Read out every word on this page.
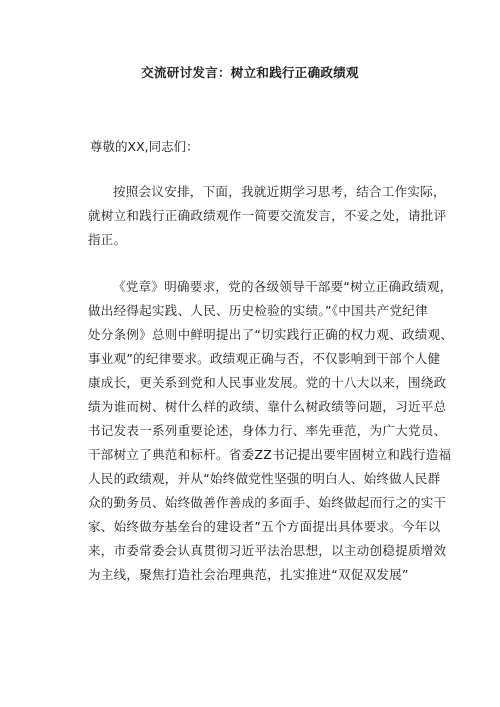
交流研讨发言：树立和践行正确政绩观
尊敬的XX,同志们：
按照会议安排，下面，我就近期学习思考，结合工作实际，
就树立和践行正确政绩观作一简要交流发言，不妥之处，请批评
指正。
《党章》明确要求，党的各级领导干部要“树立正确政绩观，
做出经得起实践、人民、历史检验的实绩。”《中国共产党纪律
处分条例》总则中鲜明提出了“切实践行正确的权力观、政绩观、
事业观”的纪律要求。政绩观正确与否，不仅影响到干部个人健
康成长，更关系到党和人民事业发展。党的十八大以来，围绕政
绩为谁而树、树什么样的政绩、靠什么树政绩等问题，习近平总
书记发表一系列重要论述，身体力行、率先垂范，为广大党员、
干部树立了典范和标杆。省委ZZ书记提出要牢固树立和践行造福
人民的政绩观，并从“始终做党性坚强的明白人、始终做人民群
众的勤务员、始终做善作善成的多面手、始终做起而行之的实干
家、始终做夯基垒台的建设者”五个方面提出具体要求。今年以
来，市委常委会认真贯彻习近平法治思想，以主动创稳提质增效
为主线，聚焦打造社会治理典范，扎实推进“双促双发展”
